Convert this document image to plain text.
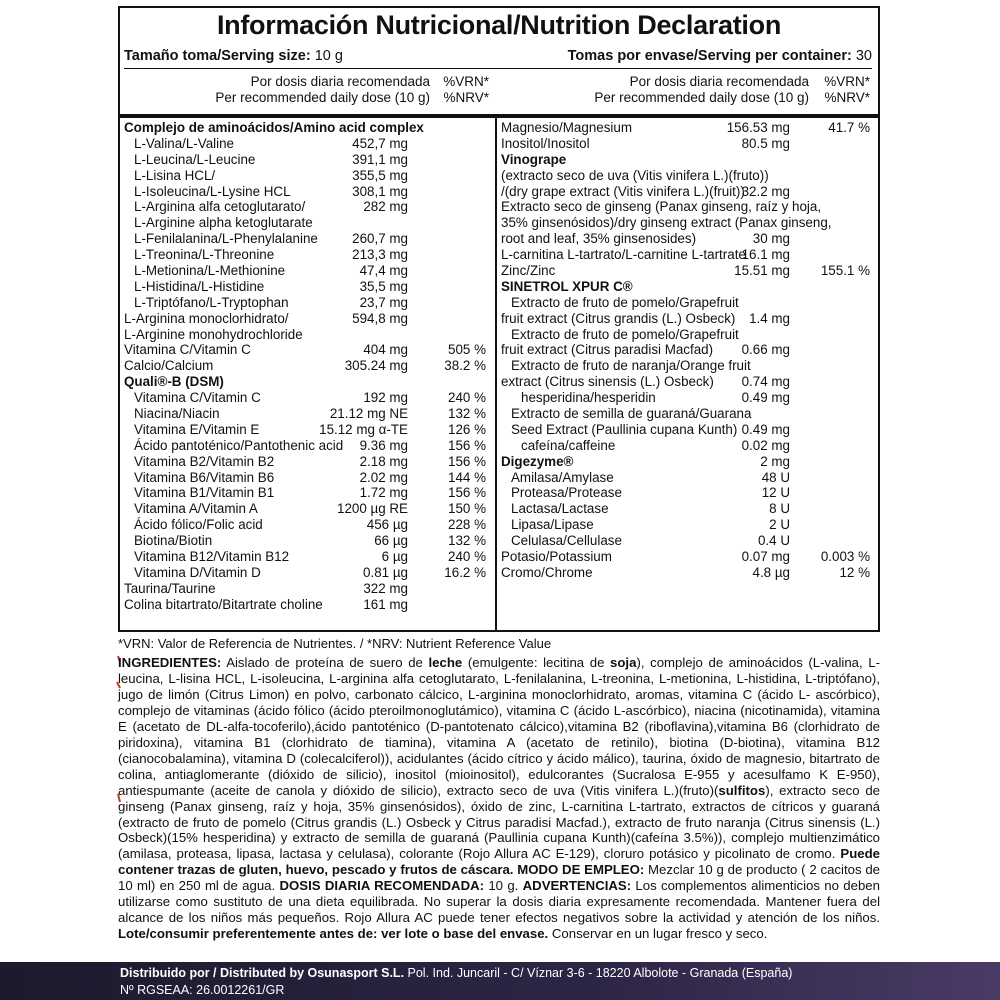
Información Nutricional/Nutrition Declaration
Tamaño toma/Serving size: 10 g	Tomas por envase/Serving per container: 30
Por dosis diaria recomendada
Per recommended daily dose (10 g)
%VRN*
%NRV*
Por dosis diaria recomendada
Per recommended daily dose (10 g)
%VRN*
%NRV*
Complejo de aminoácidos/Amino acid complex
L-Valina/L-Valine	452,7 mg
L-Leucina/L-Leucine	391,1 mg
L-Lisina HCL/	355,5 mg
L-Isoleucina/L-Lysine HCL	308,1 mg
L-Arginina alfa cetoglutarato/	282 mg
L-Arginine alpha ketoglutarate
L-Fenilalanina/L-Phenylalanine	260,7 mg
L-Treonina/L-Threonine	213,3 mg
L-Metionina/L-Methionine	47,4 mg
L-Histidina/L-Histidine	35,5 mg
L-Triptófano/L-Tryptophan	23,7 mg
L-Arginina monoclorhidrato/	594,8 mg
L-Arginine monohydrochloride
Vitamina C/Vitamin C	404 mg	505 %
Calcio/Calcium	305.24 mg	38.2 %
Quali®-B (DSM)
Vitamina C/Vitamin C	192 mg	240 %
Niacina/Niacin	21.12 mg NE	132 %
Vitamina E/Vitamin E	15.12 mg α-TE	126 %
Ácido pantoténico/Pantothenic acid 9.36 mg	156 %
Vitamina B2/Vitamin B2	2.18 mg	156 %
Vitamina B6/Vitamin B6	2.02 mg	144 %
Vitamina B1/Vitamin B1	1.72 mg	156 %
Vitamina A/Vitamin A	1200 µg RE	150 %
Ácido fólico/Folic acid	456 µg	228 %
Biotina/Biotin	66 µg	132 %
Vitamina B12/Vitamin B12	6 µg	240 %
Vitamina D/Vitamin D	0.81 µg	16.2 %
Taurina/Taurine	322 mg
Colina bitartrato/Bitartrate choline	161 mg
Magnesio/Magnesium	156.53 mg	41.7 %
Inositol/Inositol	80.5 mg
Vinogrape
(extracto seco de uva (Vitis vinifera L.)(fruto))
/(dry grape extract (Vitis vinifera L.)(fruit))
32.2 mg
Extracto seco de ginseng (Panax ginseng, raíz y hoja,
35% ginsenósidos)/dry ginseng extract (Panax ginseng,
root and leaf, 35% ginsenosides)	30 mg
L-carnitina L-tartrato/L-carnitine L-tartrate
16.1 mg
Zinc/Zinc	15.51 mg 155.1 %
SINETROL XPUR C®
Extracto de fruto de pomelo/Grapefruit
fruit extract (Citrus grandis (L.) Osbeck) 1.4 mg
Extracto de fruto de pomelo/Grapefruit
fruit extract (Citrus paradisi Macfad) 0.66 mg
Extracto de fruto de naranja/Orange fruit
extract (Citrus sinensis (L.) Osbeck) 0.74 mg
hesperidina/hesperidin	0.49 mg
Extracto de semilla de guaraná/Guarana
Seed Extract (Paullinia cupana Kunth) 0.49 mg
cafeína/caffeine	0.02 mg
Digezyme®	2 mg
Amilasa/Amylase	48 U
Proteasa/Protease	12 U
Lactasa/Lactase	8 U
Lipasa/Lipase	2 U
Celulasa/Cellulase	0.4 U
Potasio/Potassium	0.07 mg 0.003 %
Cromo/Chrome	4.8 µg	12 %
*VRN: Valor de Referencia de Nutrientes. / *NRV: Nutrient Reference Value

INGREDIENTES: Aislado de proteína de suero de leche (emulgente: lecitina de soja), complejo de aminoácidos (L-valina, L-leucina, L-lisina HCL, L-isoleucina, L-arginina alfa cetoglutarato, L-fenilalanina, L-treonina, L-metionina, L-histidina, L-triptófano), jugo de limón (Citrus Limon) en polvo, carbonato cálcico, L-arginina monoclorhidrato, aromas, vitamina C (ácido L- ascórbico), complejo de vitaminas (ácido fólico (ácido pteroilmonoglutámico), vitamina C (ácido L-ascórbico), niacina (nicotinamida), vitamina E (acetato de DL-alfa-tocoferilo),ácido pantoténico (D-pantotenato cálcico),vitamina B2 (riboflavina),vitamina B6 (clorhidrato de piridoxina), vitamina B1 (clorhidrato de tiamina), vitamina A (acetato de retinilo), biotina (D-biotina), vitamina B12 (cianocobalamina), vitamina D (colecalciferol)), acidulantes (ácido cítrico y ácido málico), taurina, óxido de magnesio, bitartrato de colina, antiaglomerante (dióxido de silicio), inositol (mioinositol), edulcorantes (Sucralosa E-955 y acesulfamo K E-950), antiespumante (aceite de canola y dióxido de silicio), extracto seco de uva (Vitis vinifera L.)(fruto)(sulfitos), extracto seco de ginseng (Panax ginseng, raíz y hoja, 35% ginsenósidos), óxido de zinc, L-carnitina L-tartrato, extractos de cítricos y guaraná (extracto de fruto de pomelo (Citrus grandis (L.) Osbeck y Citrus paradisi Macfad.), extracto de fruto naranja (Citrus sinensis (L.) Osbeck)(15% hesperidina) y extracto de semilla de guaraná (Paullinia cupana Kunth)(cafeína 3.5%)), complejo multienzimático (amilasa, proteasa, lipasa, lactasa y celulasa), colorante (Rojo Allura AC E-129), cloruro potásico y picolinato de cromo. Puede contener trazas de gluten, huevo, pescado y frutos de cáscara. MODO DE EMPLEO: Mezclar 10 g de producto ( 2 cacitos de 10 ml) en 250 ml de agua. DOSIS DIARIA RECOMENDADA: 10 g. ADVERTENCIAS: Los complementos alimenticios no deben utilizarse como sustituto de una dieta equilibrada. No superar la dosis diaria expresamente recomendada. Mantener fuera del alcance de los niños más pequeños. Rojo Allura AC puede tener efectos negativos sobre la actividad y atención de los niños. Lote/consumir preferentemente antes de: ver lote o base del envase. Conservar en un lugar fresco y seco.

Distribuido por / Distributed by Osunasport S.L. Pol. Ind. Juncaril - C/ Víznar 3-6 - 18220 Albolote - Granada (España)
Nº RGSEAA: 26.0012261/GR
